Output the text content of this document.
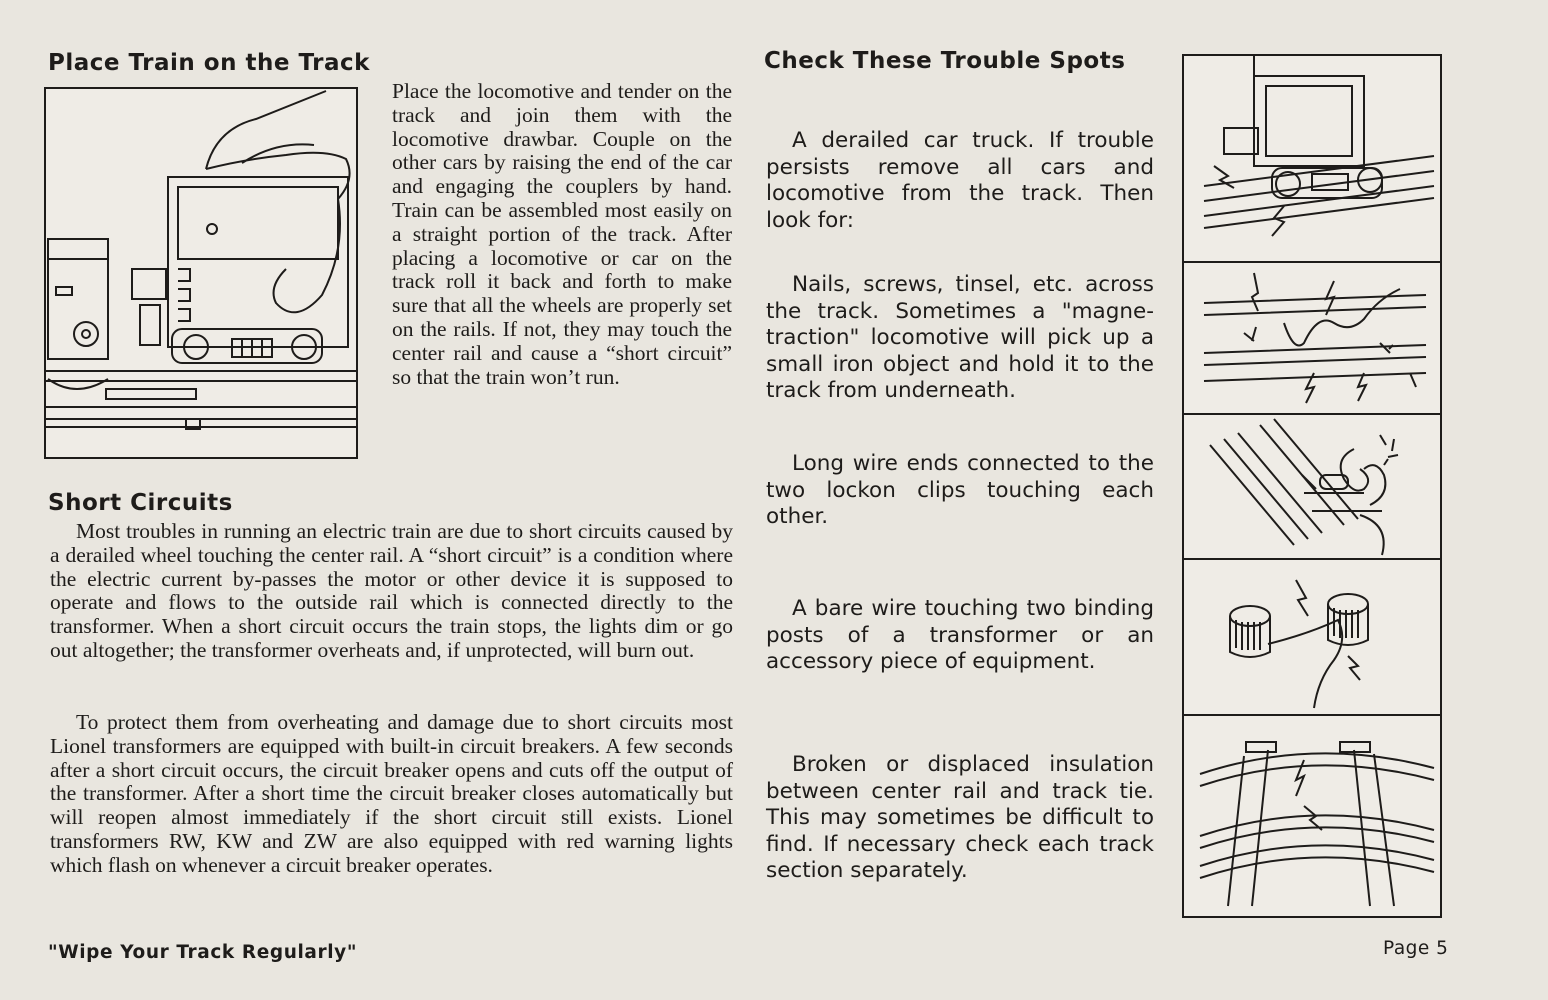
Place Train on the Track

Place the locomotive and tender on the track and join them with the locomotive drawbar. Couple on the other cars by raising the end of the car and engaging the couplers by hand. Train can be assembled most easily on a straight portion of the track. After placing a locomotive or car on the track roll it back and forth to make sure that all the wheels are properly set on the rails. If not, they may touch the center rail and cause a “short circuit” so that the train won’t run.

Short Circuits

Most troubles in running an electric train are due to short circuits caused by a derailed wheel touching the center rail. A “short circuit” is a condition where the electric current by-passes the motor or other device it is supposed to operate and flows to the outside rail which is connected directly to the transformer. When a short circuit occurs the train stops, the lights dim or go out altogether; the transformer overheats and, if unprotected, will burn out.

To protect them from overheating and damage due to short circuits most Lionel transformers are equipped with built-in circuit breakers. A few seconds after a short circuit occurs, the circuit breaker opens and cuts off the output of the transformer. After a short time the circuit breaker closes automatically but will reopen almost immediately if the short circuit still exists. Lionel transformers RW, KW and ZW are also equipped with red warning lights which flash on whenever a circuit breaker operates.

Check These Trouble Spots

A derailed car truck. If trouble persists remove all cars and locomotive from the track. Then look for:

Nails, screws, tinsel, etc. across the track. Sometimes a "magne-traction" locomotive will pick up a small iron object and hold it to the track from underneath.

Long wire ends connected to the two lockon clips touching each other.

A bare wire touching two binding posts of a transformer or an accessory piece of equipment.

Broken or displaced insulation between center rail and track tie. This may sometimes be difficult to find. If necessary check each track section separately.

"Wipe Your Track Regularly"	Page 5
